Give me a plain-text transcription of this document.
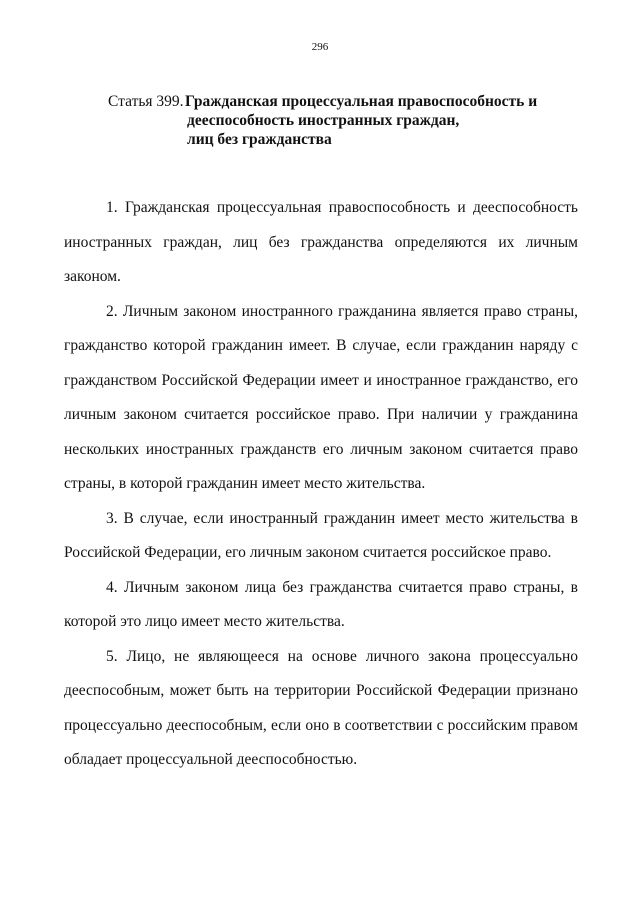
296
Статья 399. Гражданская процессуальная правоспособность и
дееспособность иностранных граждан,
лиц без гражданства

1. Гражданская процессуальная правоспособность и дееспособность иностранных граждан, лиц без гражданства определяются их личным законом.

2. Личным законом иностранного гражданина является право страны, гражданство которой гражданин имеет. В случае, если гражданин наряду с гражданством Российской Федерации имеет и иностранное гражданство, его личным законом считается российское право. При наличии у гражданина нескольких иностранных гражданств его личным законом считается право страны, в которой гражданин имеет место жительства.

3. В случае, если иностранный гражданин имеет место жительства в Российской Федерации, его личным законом считается российское право.

4. Личным законом лица без гражданства считается право страны, в которой это лицо имеет место жительства.

5. Лицо, не являющееся на основе личного закона процессуально дееспособным, может быть на территории Российской Федерации признано процессуально дееспособным, если оно в соответствии с российским правом обладает процессуальной дееспособностью.
